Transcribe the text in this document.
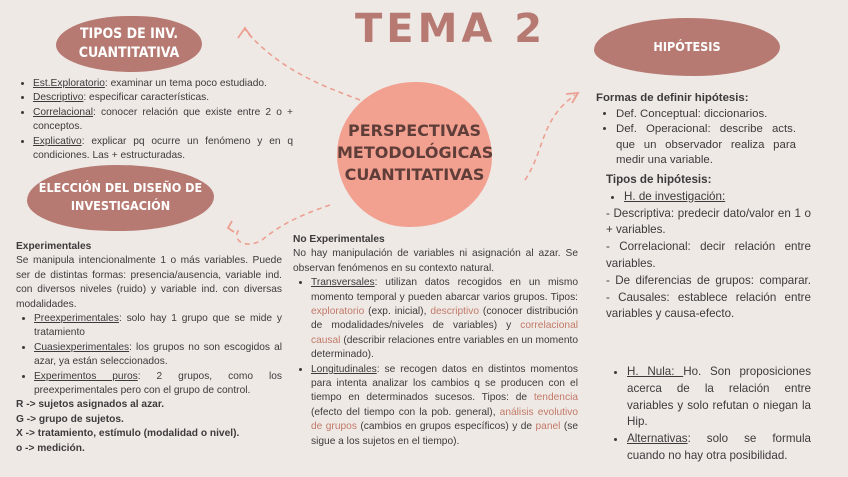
TEMA 2
PERSPECTIVAS
METODOLÓGICAS
CUANTITATIVAS
TIPOS DE INV.
CUANTITATIVA
• Est.Exploratorio: examinar un tema poco estudiado.
• Descriptivo: especificar características.
• Correlacional: conocer relación que existe entre 2 o + conceptos.
• Explicativo: explicar pq ocurre un fenómeno y en q condiciones. Las + estructuradas.
ELECCIÓN DEL DISEÑO DE
INVESTIGACIÓN
Experimentales
Se manipula intencionalmente 1 o más variables. Puede ser de distintas formas: presencia/ausencia, variable ind. con diversos niveles (ruido) y variable ind. con diversas modalidades.
• Preexperimentales: solo hay 1 grupo que se mide y tratamiento
• Cuasiexperimentales: los grupos no son escogidos al azar, ya están seleccionados.
• Experimentos puros: 2 grupos, como los preexperimentales pero con el grupo de control.
R -> sujetos asignados al azar.
G -> grupo de sujetos.
X -> tratamiento, estímulo (modalidad o nivel).
o -> medición.
No Experimentales
No hay manipulación de variables ni asignación al azar. Se observan fenómenos en su contexto natural.
• Transversales: utilizan datos recogidos en un mismo momento temporal y pueden abarcar varios grupos. Tipos: exploratorio (exp. inicial), descriptivo (conocer distribución de modalidades/niveles de variables) y correlacional causal (describir relaciones entre variables en un momento determinado).
• Longitudinales: se recogen datos en distintos momentos para intenta analizar los cambios q se producen con el tiempo en determinados sucesos. Tipos: de tendencia (efecto del tiempo con la pob. general), análisis evolutivo de grupos (cambios en grupos específicos) y de panel (se sigue a los sujetos en el tiempo).
HIPÓTESIS
Formas de definir hipótesis:
• Def. Conceptual: diccionarios.
• Def. Operacional: describe acts. que un observador realiza para medir una variable.
Tipos de hipótesis:
• H. de investigación:
- Descriptiva: predecir dato/valor en 1 o + variables.
- Correlacional: decir relación entre variables.
- De diferencias de grupos: comparar.
- Causales: establece relación entre variables y causa-efecto.
• H. Nula: Ho. Son proposiciones acerca de la relación entre variables y solo refutan o niegan la Hip.
• Alternativas: solo se formula cuando no hay otra posibilidad.
